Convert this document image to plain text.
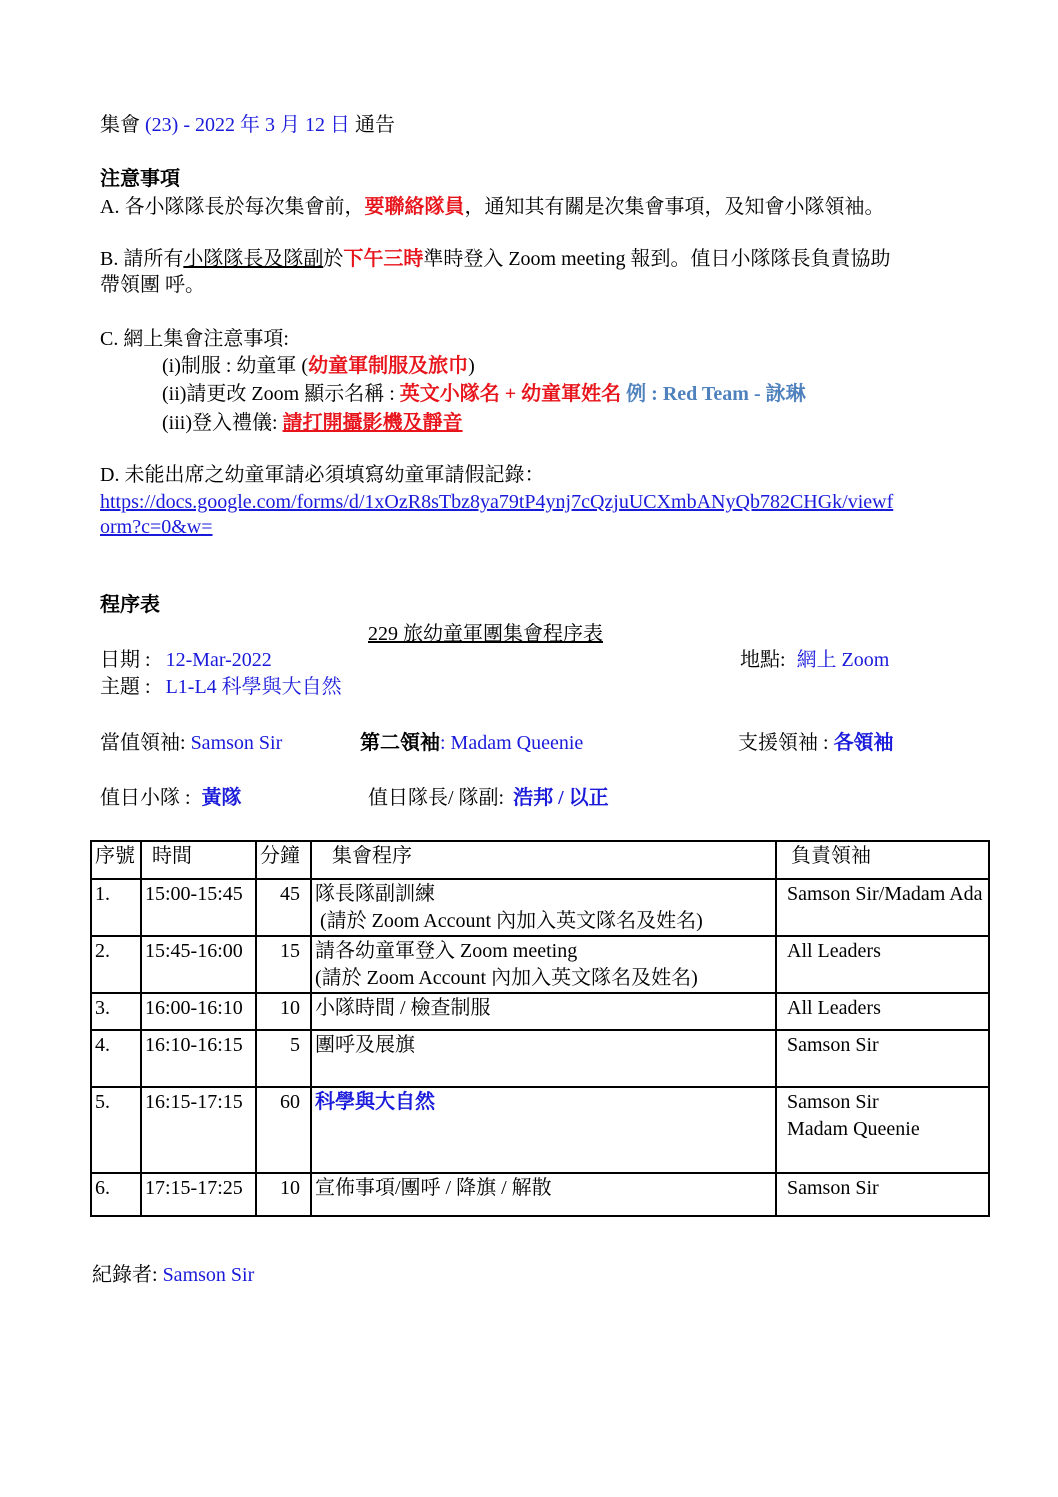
集會 (23) - 2022 年 3 月 12 日 通告
注意事項
A. 各小隊隊長於每次集會前，要聯絡隊員，通知其有關是次集會事項，及知會小隊領袖。
B. 請所有小隊隊長及隊副於下午三時準時登入 Zoom meeting 報到。值日小隊隊長負責協助
帶領團 呼。
C. 網上集會注意事項:
(i)制服 : 幼童軍 (幼童軍制服及旅巾)
(ii)請更改 Zoom 顯示名稱 : 英文小隊名 + 幼童軍姓名 例 : Red Team - 詠琳
(iii)登入禮儀: 請打開攝影機及靜音
D. 未能出席之幼童軍請必須填寫幼童軍請假記錄：
https://docs.google.com/forms/d/1xOzR8sTbz8ya79tP4ynj7cQzjuUCXmbANyQb782CHGk/viewf
orm?c=0&w=
程序表
229 旅幼童軍團集會程序表
日期 : 12-Mar-2022	地點: 網上 Zoom
主題 : L1-L4 科學與大自然
當值領袖: Samson Sir	第二領袖: Madam Queenie	支援領袖 : 各領袖
值日小隊 : 黃隊	值日隊長/ 隊副: 浩邦 / 以正
序號	時間	分鐘	集會程序	負責領袖
1.	15:00-15:45	45	隊長隊副訓練
(請於 Zoom Account 內加入英文隊名及姓名)	Samson Sir/Madam Ada
2.	15:45-16:00	15	請各幼童軍登入 Zoom meeting
(請於 Zoom Account 內加入英文隊名及姓名)	All Leaders
3.	16:00-16:10	10	小隊時間 / 檢查制服	All Leaders
4.	16:10-16:15	5	團呼及展旗	Samson Sir
5.	16:15-17:15	60	科學與大自然	Samson Sir
Madam Queenie

6.	17:15-17:25	10	宣佈事項/團呼 / 降旗 / 解散	Samson Sir
紀錄者: Samson Sir
